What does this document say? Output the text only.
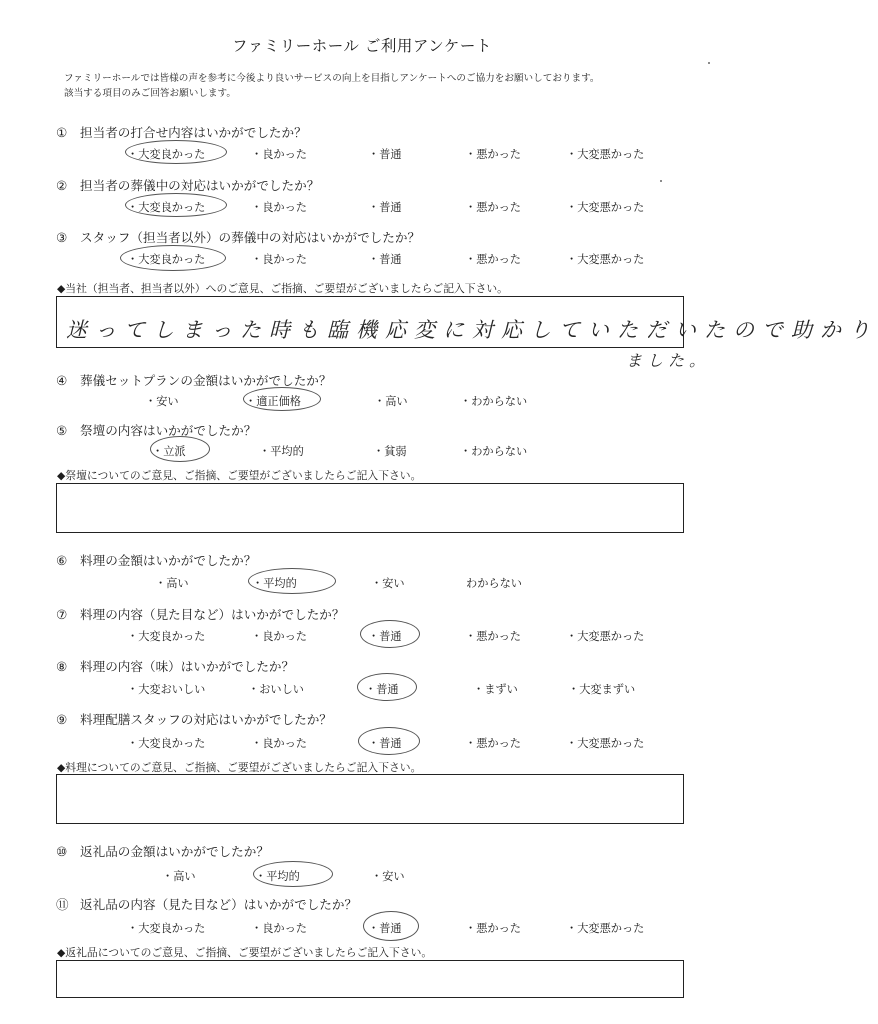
ファミリーホール ご利用アンケート
ファミリーホールでは皆様の声を参考に今後より良いサービスの向上を目指しアンケートへのご協力をお願いしております。
該当する項目のみご回答お願いします。
① 担当者の打合せ内容はいかがでしたか？
・大変良かった	・良かった	・普通	・悪かった	・大変悪かった
② 担当者の葬儀中の対応はいかがでしたか？
・大変良かった	・良かった	・普通	・悪かった	・大変悪かった
③ スタッフ（担当者以外）の葬儀中の対応はいかがでしたか？
・大変良かった	・良かった	・普通	・悪かった	・大変悪かった
◆当社（担当者、担当者以外）へのご意見、ご指摘、ご要望がございましたらご記入下さい。
迷ってしまった時も臨機応変に対応していただいたので助かり
ました。
④ 葬儀セットプランの金額はいかがでしたか？
・安い	・適正価格	・高い	・わからない
⑤ 祭壇の内容はいかがでしたか？
・立派	・平均的	・貧弱	・わからない
◆祭壇についてのご意見、ご指摘、ご要望がございましたらご記入下さい。
⑥ 料理の金額はいかがでしたか？
・高い	・平均的	・安い	わからない
⑦ 料理の内容（見た目など）はいかがでしたか？
・大変良かった	・良かった	・普通	・悪かった	・大変悪かった
⑧ 料理の内容（味）はいかがでしたか？
・大変おいしい	・おいしい	・普通	・まずい	・大変まずい
⑨ 料理配膳スタッフの対応はいかがでしたか？
・大変良かった	・良かった	・普通	・悪かった	・大変悪かった
◆料理についてのご意見、ご指摘、ご要望がございましたらご記入下さい。
⑩ 返礼品の金額はいかがでしたか？
・高い	・平均的	・安い
⑪ 返礼品の内容（見た目など）はいかがでしたか？
・大変良かった	・良かった	・普通	・悪かった	・大変悪かった
◆返礼品についてのご意見、ご指摘、ご要望がございましたらご記入下さい。
